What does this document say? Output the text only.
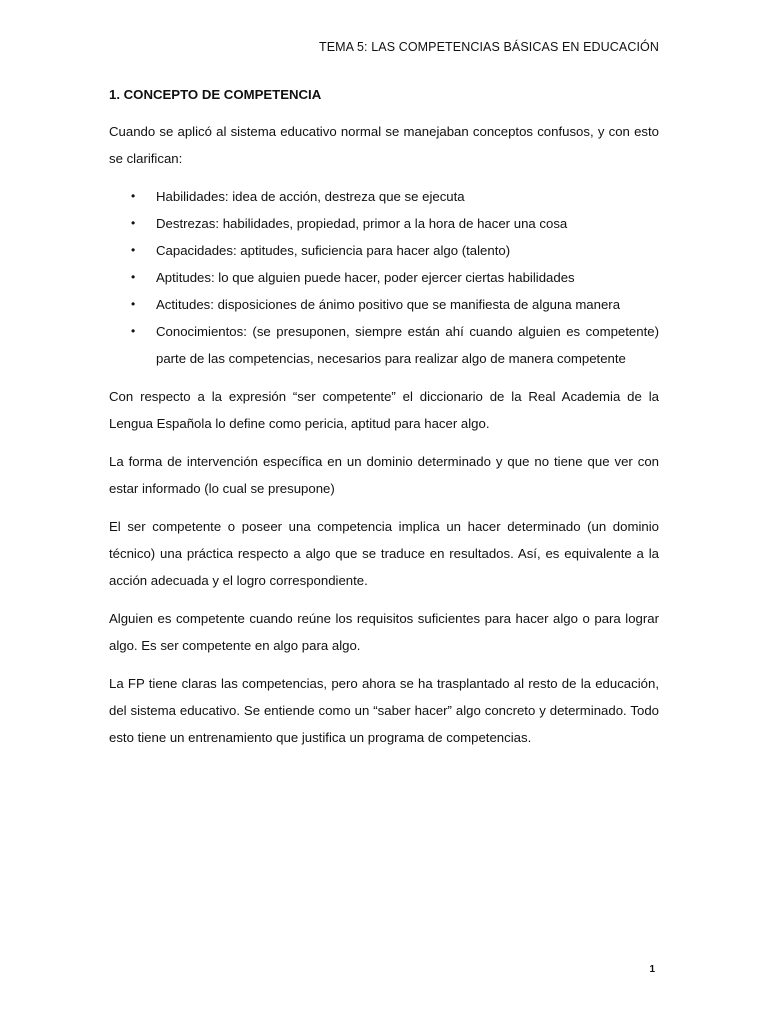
TEMA 5: LAS COMPETENCIAS BÁSICAS EN EDUCACIÓN
1. CONCEPTO DE COMPETENCIA

Cuando se aplicó al sistema educativo normal se manejaban conceptos confusos, y con esto se clarifican:

• Habilidades: idea de acción, destreza que se ejecuta
• Destrezas: habilidades, propiedad, primor a la hora de hacer una cosa
• Capacidades: aptitudes, suficiencia para hacer algo (talento)
• Aptitudes: lo que alguien puede hacer, poder ejercer ciertas habilidades
• Actitudes: disposiciones de ánimo positivo que se manifiesta de alguna manera
• Conocimientos: (se presuponen, siempre están ahí cuando alguien es competente) parte de las competencias, necesarios para realizar algo de manera competente

Con respecto a la expresión “ser competente” el diccionario de la Real Academia de la Lengua Española lo define como pericia, aptitud para hacer algo.

La forma de intervención específica en un dominio determinado y que no tiene que ver con estar informado (lo cual se presupone)

El ser competente o poseer una competencia implica un hacer determinado (un dominio técnico) una práctica respecto a algo que se traduce en resultados. Así, es equivalente a la acción adecuada y el logro correspondiente.

Alguien es competente cuando reúne los requisitos suficientes para hacer algo o para lograr algo. Es ser competente en algo para algo.

La FP tiene claras las competencias, pero ahora se ha trasplantado al resto de la educación, del sistema educativo. Se entiende como un “saber hacer” algo concreto y determinado. Todo esto tiene un entrenamiento que justifica un programa de competencias.

1
